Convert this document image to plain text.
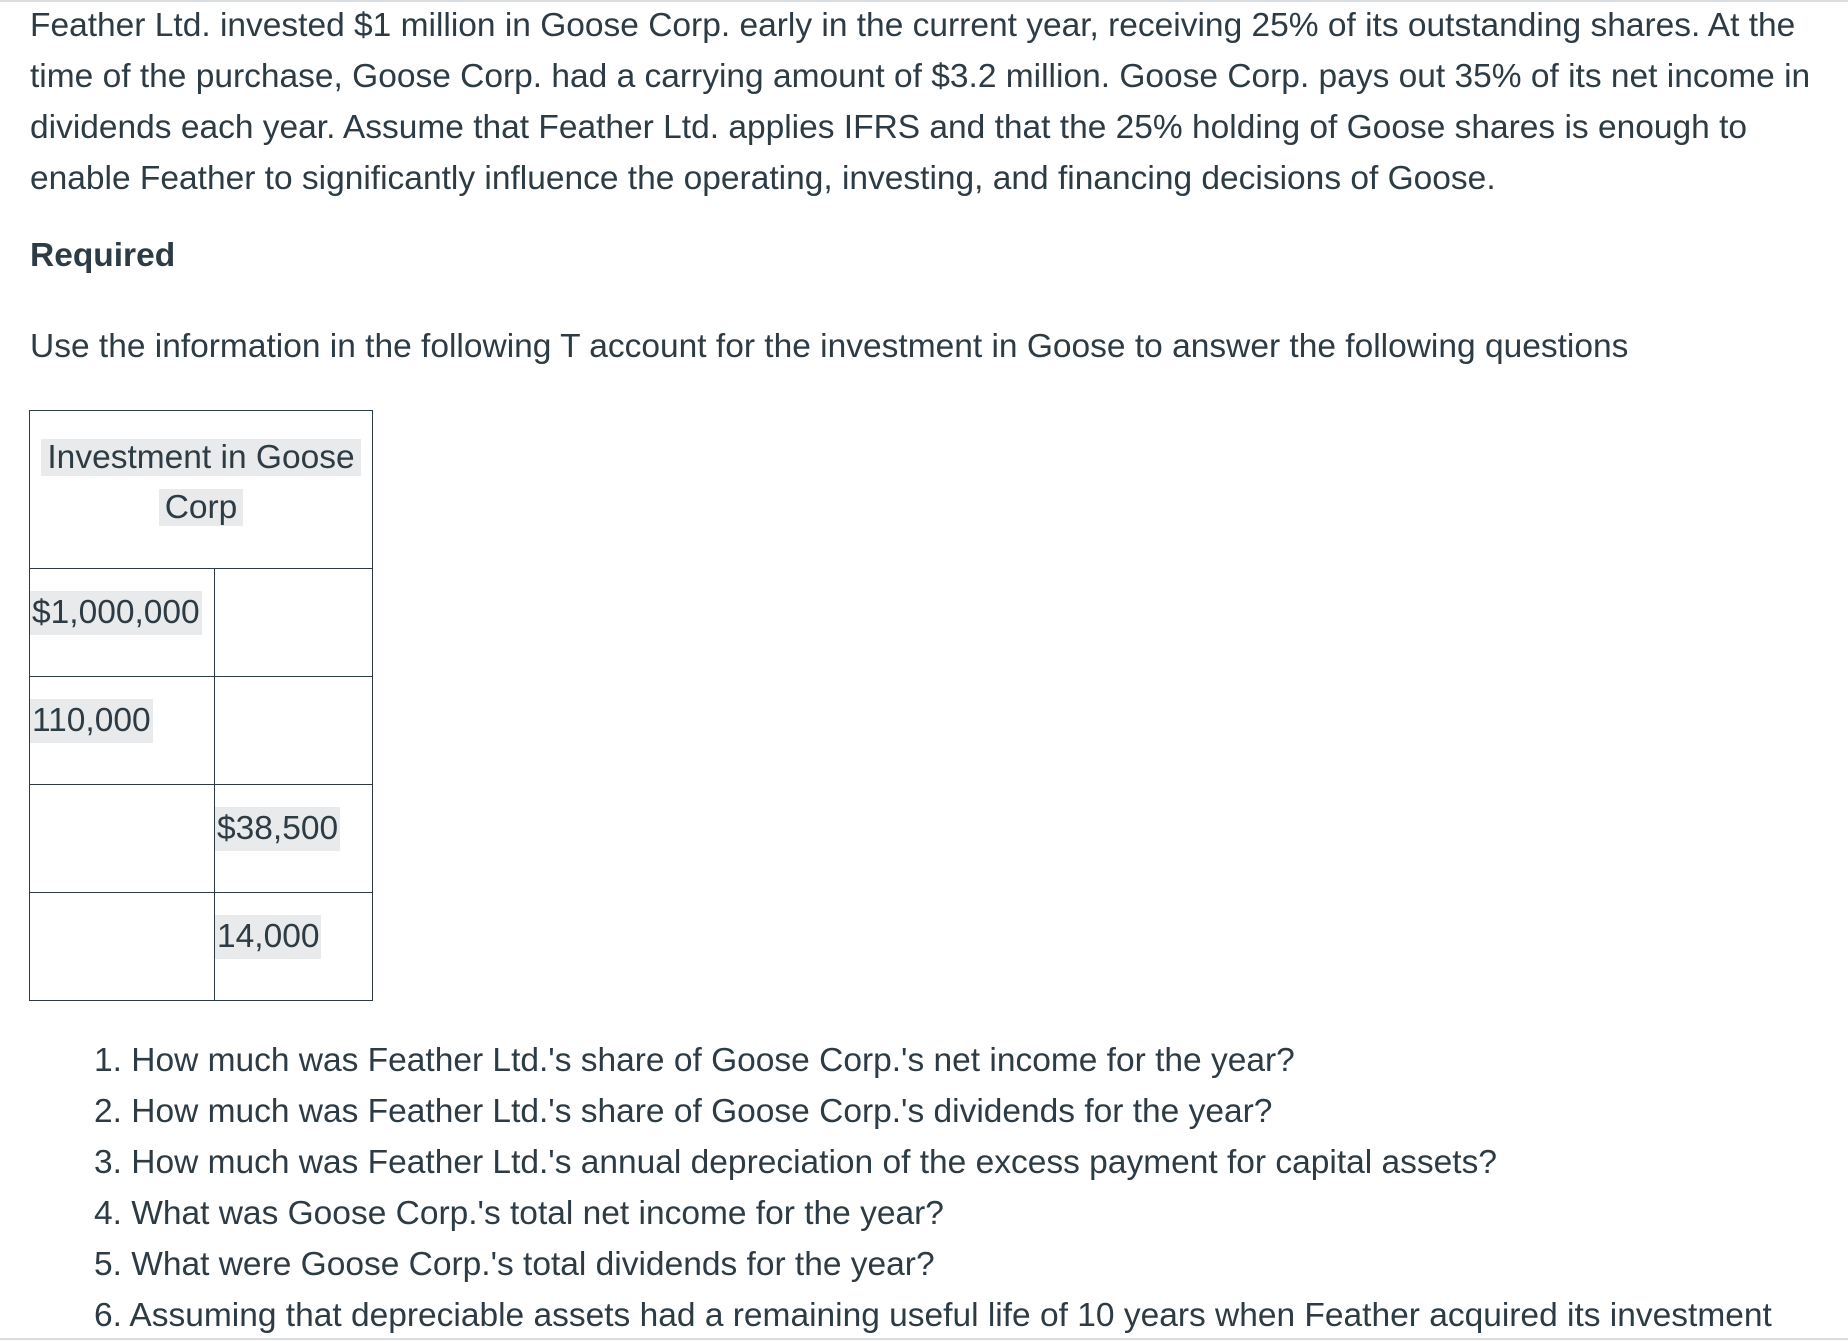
Feather Ltd. invested $1 million in Goose Corp. early in the current year, receiving 25% of its outstanding shares. At the time of the purchase, Goose Corp. had a carrying amount of $3.2 million. Goose Corp. pays out 35% of its net income in dividends each year. Assume that Feather Ltd. applies IFRS and that the 25% holding of Goose shares is enough to enable Feather to significantly influence the operating, investing, and financing decisions of Goose.

Required

Use the information in the following T account for the investment in Goose to answer the following questions

Investment in Goose Corp	
$1,000,000	
110,000	
	$38,500
	14,000
1. How much was Feather Ltd.'s share of Goose Corp.'s net income for the year?
2. How much was Feather Ltd.'s share of Goose Corp.'s dividends for the year?
3. How much was Feather Ltd.'s annual depreciation of the excess payment for capital assets?
4. What was Goose Corp.'s total net income for the year?
5. What were Goose Corp.'s total dividends for the year?
6. Assuming that depreciable assets had a remaining useful life of 10 years when Feather acquired its investment
